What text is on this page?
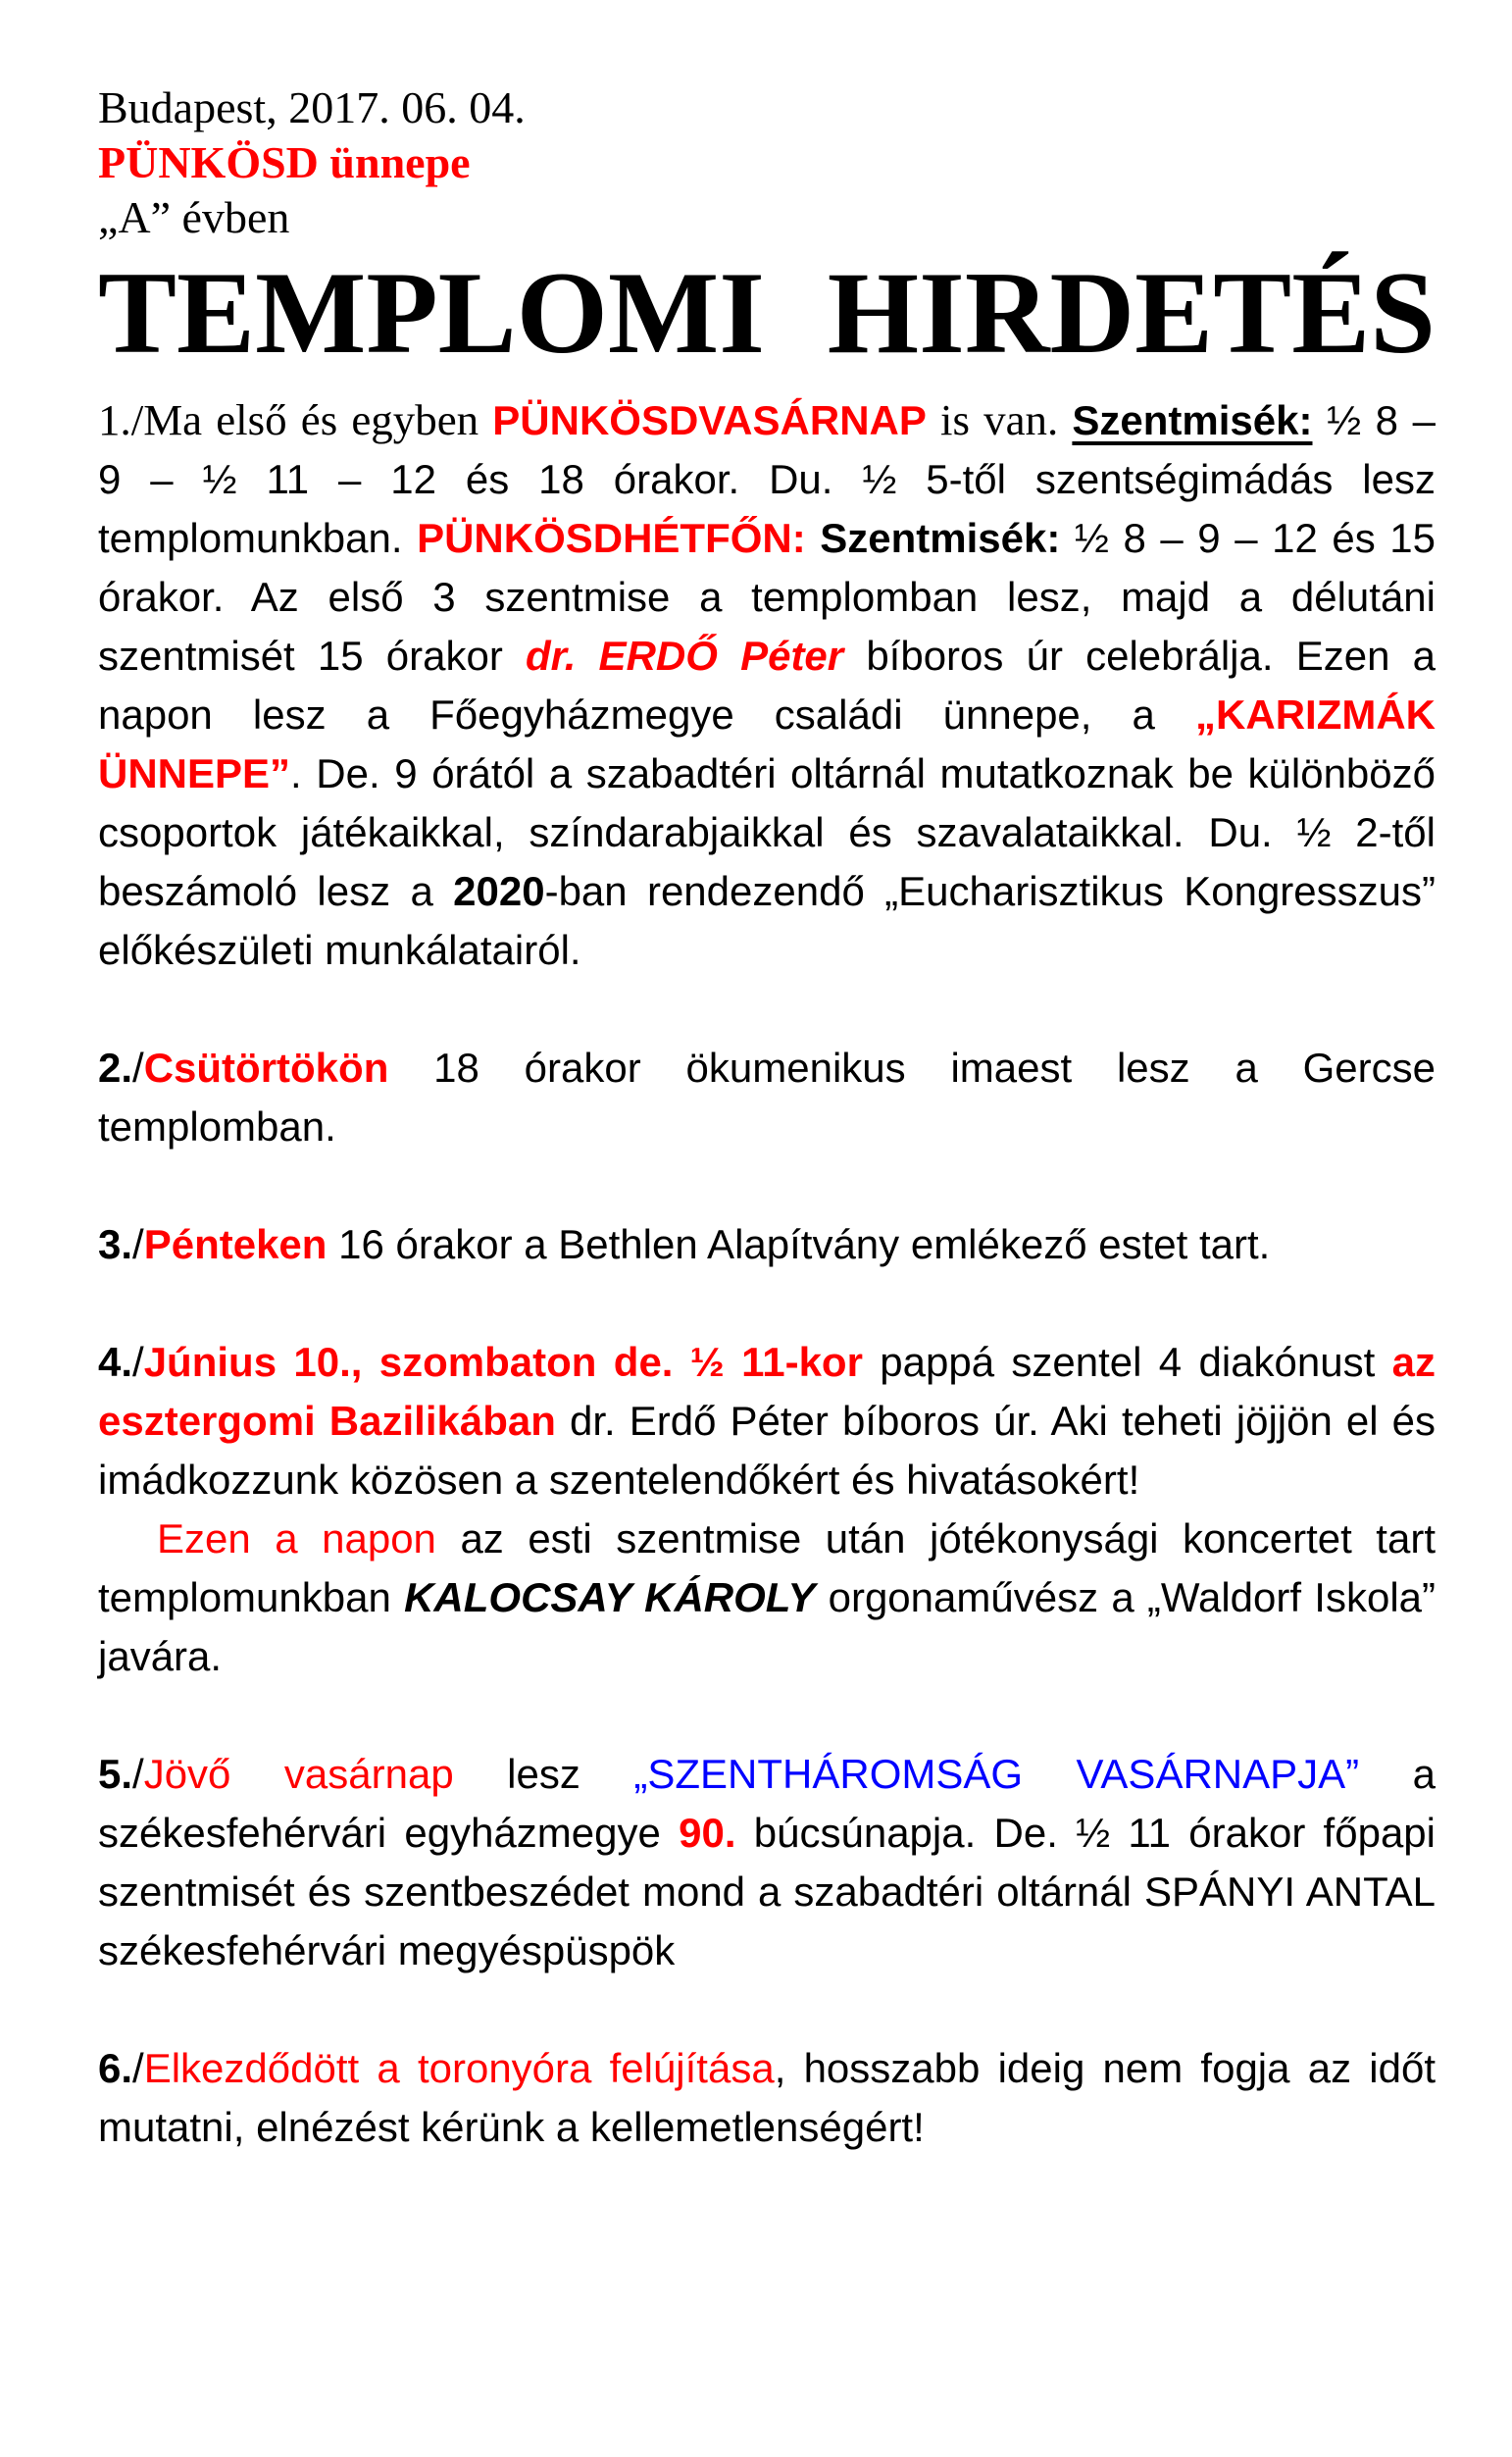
Budapest, 2017. 06. 04.
PÜNKÖSD ünnepe
„A” évben
TEMPLOMI HIRDETÉS

1./Ma első és egyben PÜNKÖSDVASÁRNAP is van. Szentmisék: ½ 8 – 9 – ½ 11 – 12 és 18 órakor. Du. ½ 5-től szentségimádás lesz templomunkban. PÜNKÖSDHÉTFŐN: Szentmisék: ½ 8 – 9 – 12 és 15 órakor. Az első 3 szentmise a templomban lesz, majd a délutáni szentmisét 15 órakor dr. ERDŐ Péter bíboros úr celebrálja. Ezen a napon lesz a Főegyházmegye családi ünnepe, a „KARIZMÁK ÜNNEPE”. De. 9 órától a szabadtéri oltárnál mutatkoznak be különböző csoportok játékaikkal, színdarabjaikkal és szavalataikkal. Du. ½ 2-től beszámoló lesz a 2020-ban rendezendő „Eucharisztikus Kongresszus” előkészületi munkálatairól.

2./Csütörtökön 18 órakor ökumenikus imaest lesz a Gercse templomban.

3./Pénteken 16 órakor a Bethlen Alapítvány emlékező estet tart.

4./Június 10., szombaton de. ½ 11-kor pappá szentel 4 diakónust az esztergomi Bazilikában dr. Erdő Péter bíboros úr. Aki teheti jöjjön el és imádkozzunk közösen a szentelendőkért és hivatásokért!

Ezen a napon az esti szentmise után jótékonysági koncertet tart templomunkban KALOCSAY KÁROLY orgonaművész a „Waldorf Iskola” javára.

5./Jövő vasárnap lesz „SZENTHÁROMSÁG VASÁRNAPJA” a székesfehérvári egyházmegye 90. búcsúnapja. De. ½ 11 órakor főpapi szentmisét és szentbeszédet mond a szabadtéri oltárnál SPÁNYI ANTAL székesfehérvári megyéspüspök

6./Elkezdődött a toronyóra felújítása, hosszabb ideig nem fogja az időt mutatni, elnézést kérünk a kellemetlenségért!
